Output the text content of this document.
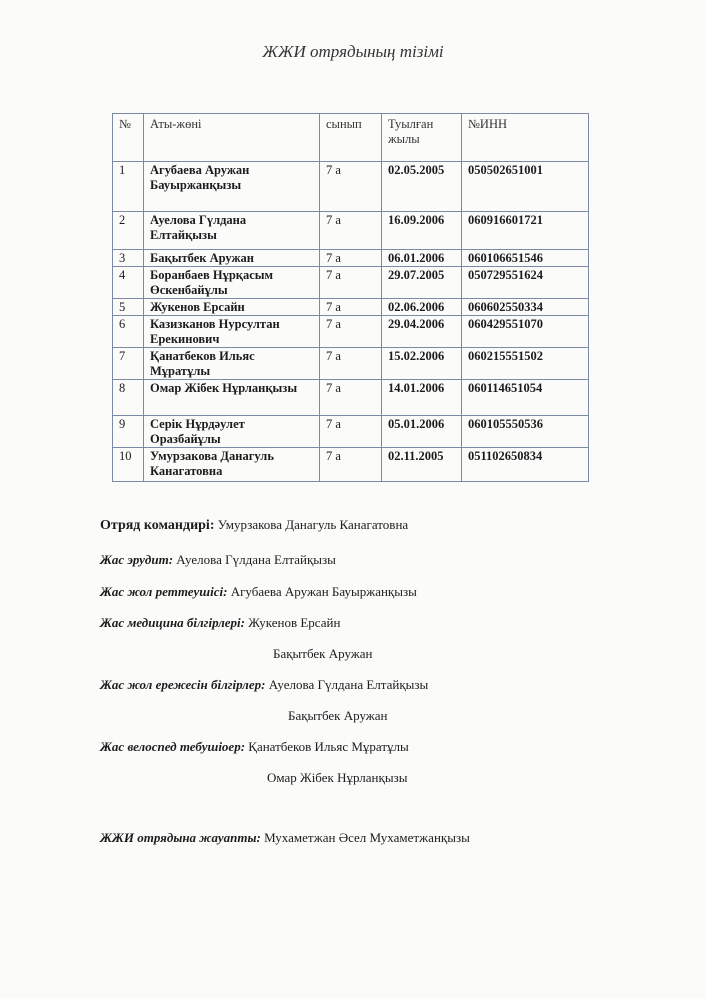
ЖЖИ отрядының тізімі
№	Аты-жөні	сынып	Туылған жылы	№ИНН
1	Агубаева Аружан Бауыржанқызы	7 а	02.05.2005	050502651001
2	Ауелова Гүлдана Елтайқызы	7 а	16.09.2006	060916601721
3	Бақытбек Аружан	7 а	06.01.2006	060106651546
4	Боранбаев Нұрқасым Өскенбайұлы	7 а	29.07.2005	050729551624
5	Жукенов Ерсайн	7 а	02.06.2006	060602550334
6	Казизканов Нурсултан Ерекинович	7 а	29.04.2006	060429551070
7	Қанатбеков Ильяс Мұратұлы	7 а	15.02.2006	060215551502
8	Омар Жібек Нұрланқызы	7 а	14.01.2006	060114651054
9	Серік Нұрдәулет Оразбайұлы	7 а	05.01.2006	060105550536
10	Умурзакова Данагуль Канагатовна	7 а	02.11.2005	051102650834
Отряд командирі: Умурзакова Данагуль Канагатовна
Жас эрудит: Ауелова Гүлдана Елтайқызы
Жас жол реттеушісі: Агубаева Аружан Бауыржанқызы
Жас медицина білгірлері: Жукенов Ерсайн
Жас жол ережесін білгірлер: Ауелова Гүлдана Елтайқызы
Жас велоспед тебушіоер: Қанатбеков Ильяс Мұратұлы
ЖЖИ отрядына жауапты: Мухаметжан Әсел Мухаметжанқызы
Бақытбек Аружан
Бақытбек Аружан
Омар Жібек Нұрланқызы
